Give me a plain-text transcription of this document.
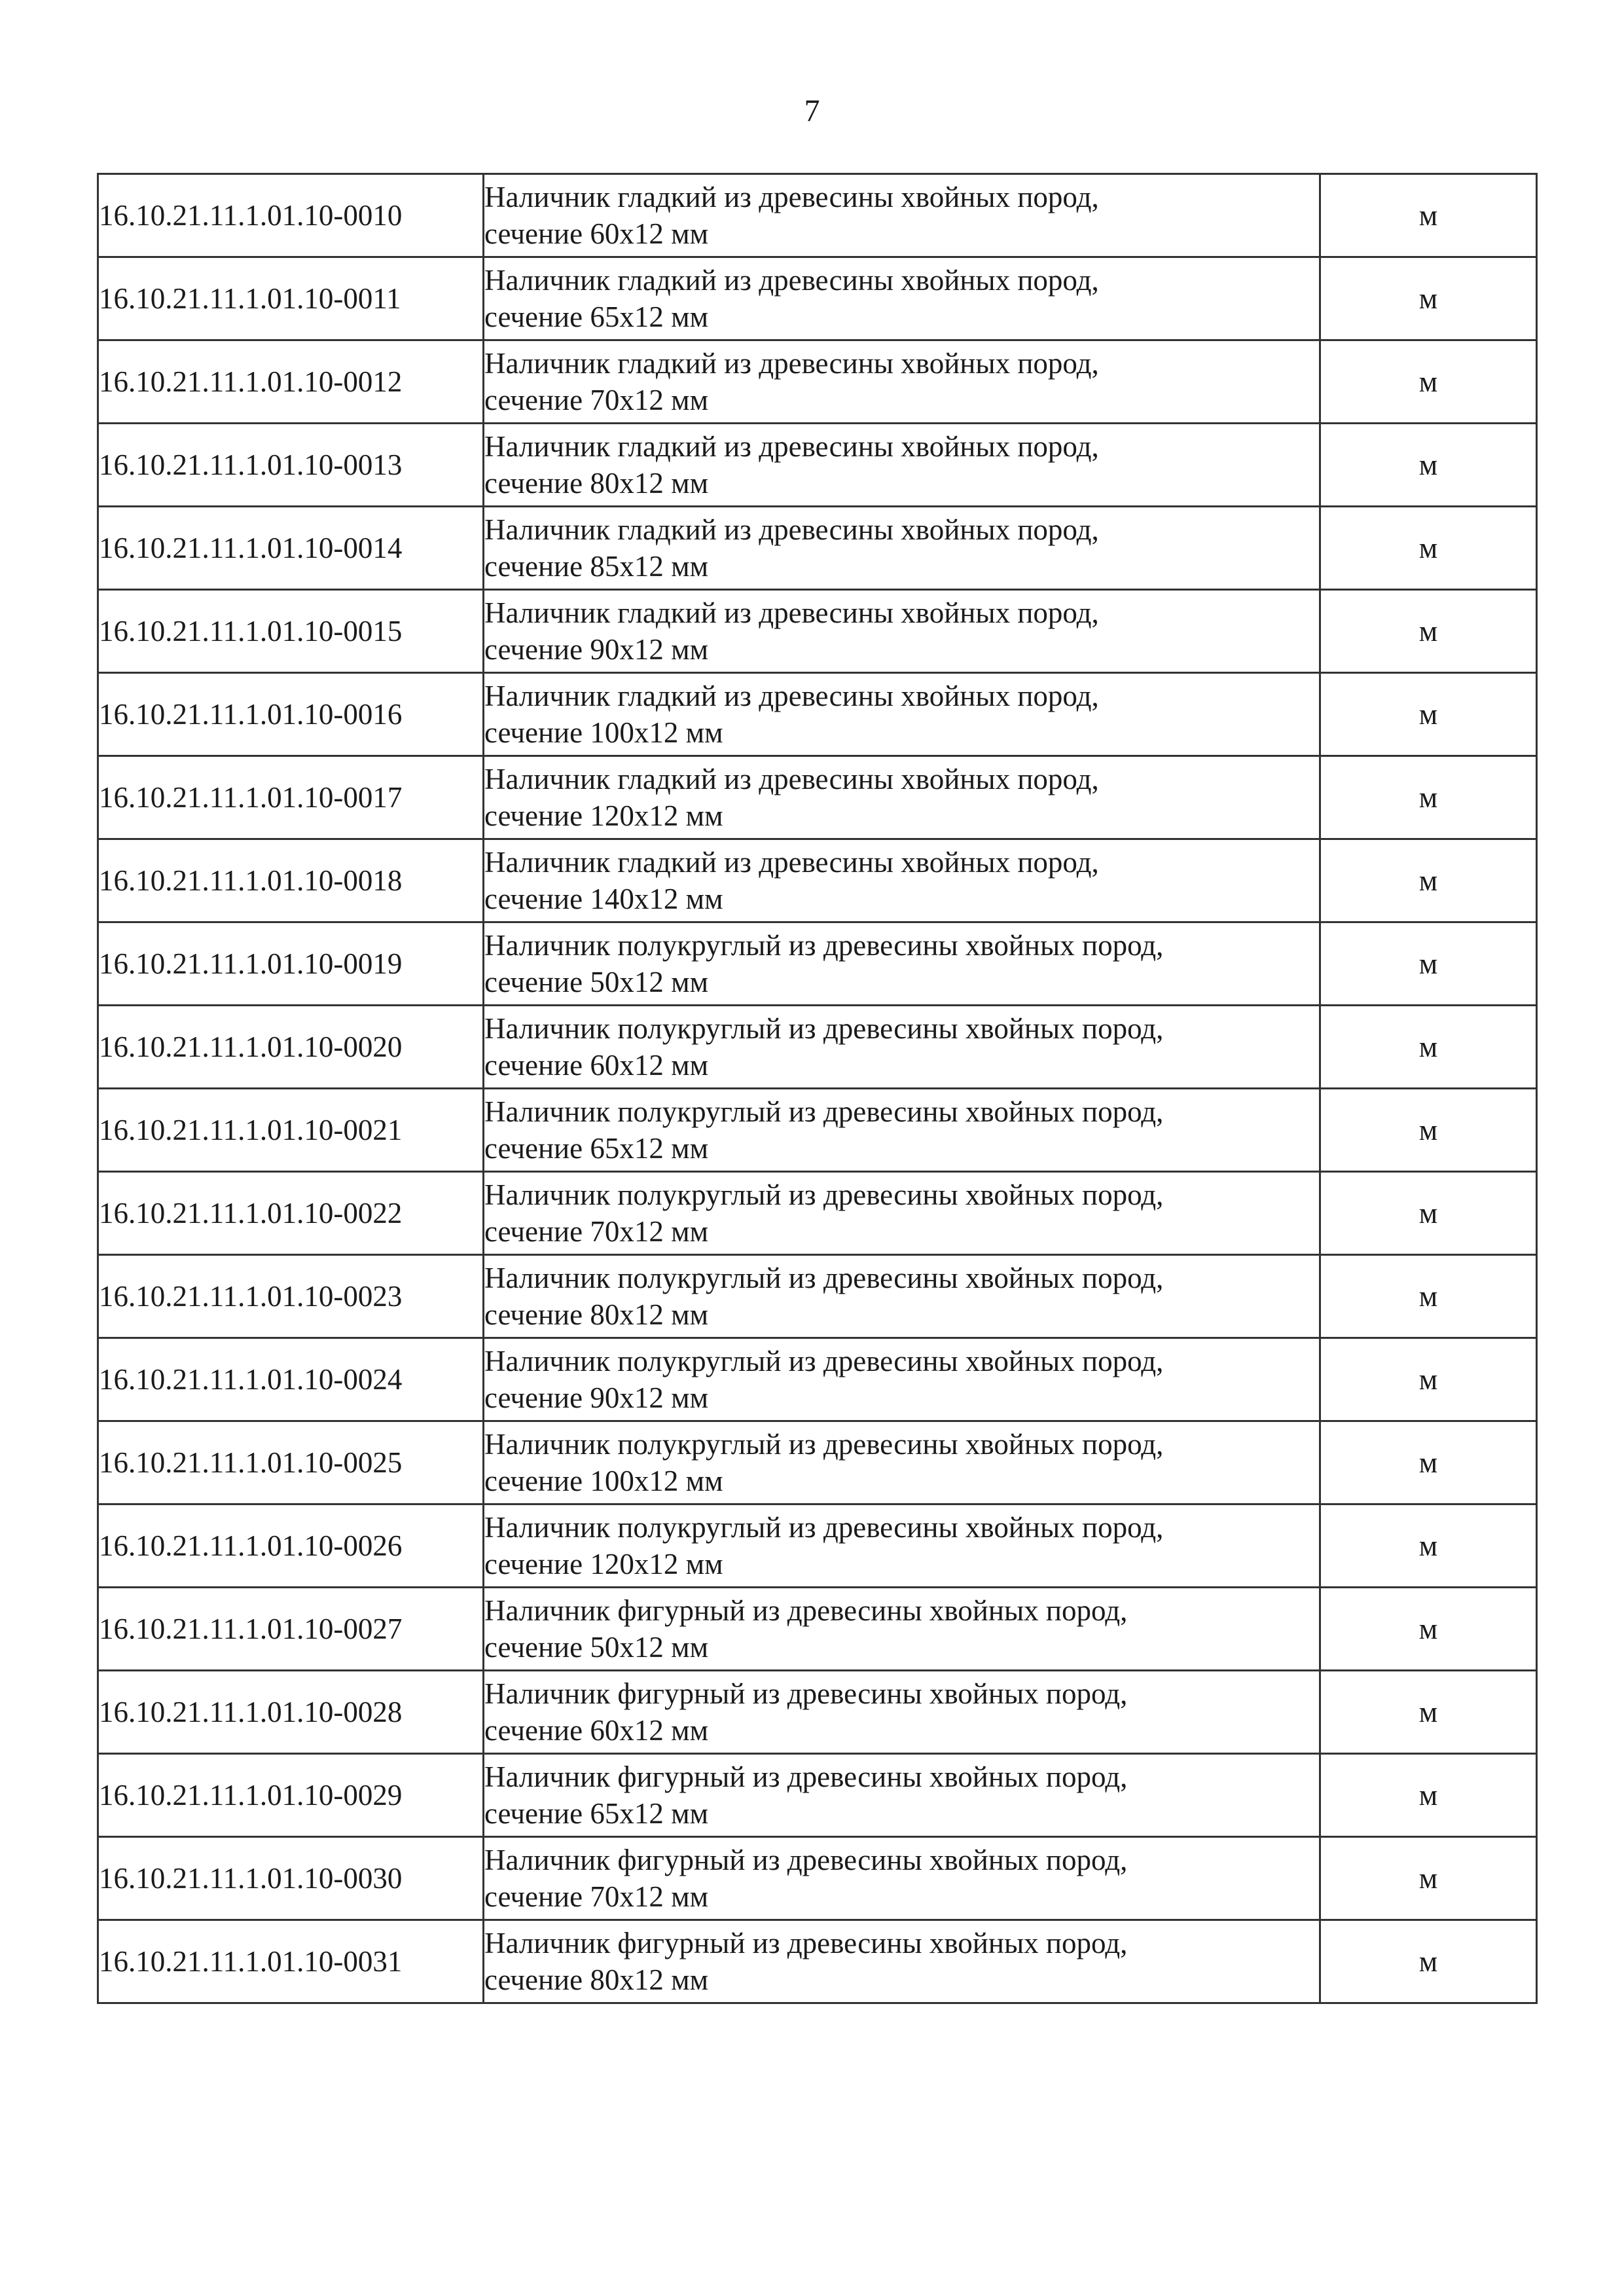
7
16.10.21.11.1.01.10-0010	Наличник гладкий из древесины хвойных пород,
сечение 60х12 мм	м
16.10.21.11.1.01.10-0011	Наличник гладкий из древесины хвойных пород,
сечение 65х12 мм	м
16.10.21.11.1.01.10-0012	Наличник гладкий из древесины хвойных пород,
сечение 70х12 мм	м
16.10.21.11.1.01.10-0013	Наличник гладкий из древесины хвойных пород,
сечение 80х12 мм	м
16.10.21.11.1.01.10-0014	Наличник гладкий из древесины хвойных пород,
сечение 85х12 мм	м
16.10.21.11.1.01.10-0015	Наличник гладкий из древесины хвойных пород,
сечение 90х12 мм	м
16.10.21.11.1.01.10-0016	Наличник гладкий из древесины хвойных пород,
сечение 100х12 мм	м
16.10.21.11.1.01.10-0017	Наличник гладкий из древесины хвойных пород,
сечение 120х12 мм	м
16.10.21.11.1.01.10-0018	Наличник гладкий из древесины хвойных пород,
сечение 140х12 мм	м
16.10.21.11.1.01.10-0019	Наличник полукруглый из древесины хвойных пород,
сечение 50х12 мм	м
16.10.21.11.1.01.10-0020	Наличник полукруглый из древесины хвойных пород,
сечение 60х12 мм	м
16.10.21.11.1.01.10-0021	Наличник полукруглый из древесины хвойных пород,
сечение 65х12 мм	м
16.10.21.11.1.01.10-0022	Наличник полукруглый из древесины хвойных пород,
сечение 70х12 мм	м
16.10.21.11.1.01.10-0023	Наличник полукруглый из древесины хвойных пород,
сечение 80х12 мм	м
16.10.21.11.1.01.10-0024	Наличник полукруглый из древесины хвойных пород,
сечение 90х12 мм	м
16.10.21.11.1.01.10-0025	Наличник полукруглый из древесины хвойных пород,
сечение 100х12 мм	м
16.10.21.11.1.01.10-0026	Наличник полукруглый из древесины хвойных пород,
сечение 120х12 мм	м
16.10.21.11.1.01.10-0027	Наличник фигурный из древесины хвойных пород,
сечение 50х12 мм	м
16.10.21.11.1.01.10-0028	Наличник фигурный из древесины хвойных пород,
сечение 60х12 мм	м
16.10.21.11.1.01.10-0029	Наличник фигурный из древесины хвойных пород,
сечение 65х12 мм	м
16.10.21.11.1.01.10-0030	Наличник фигурный из древесины хвойных пород,
сечение 70х12 мм	м
16.10.21.11.1.01.10-0031	Наличник фигурный из древесины хвойных пород,
сечение 80х12 мм	м
